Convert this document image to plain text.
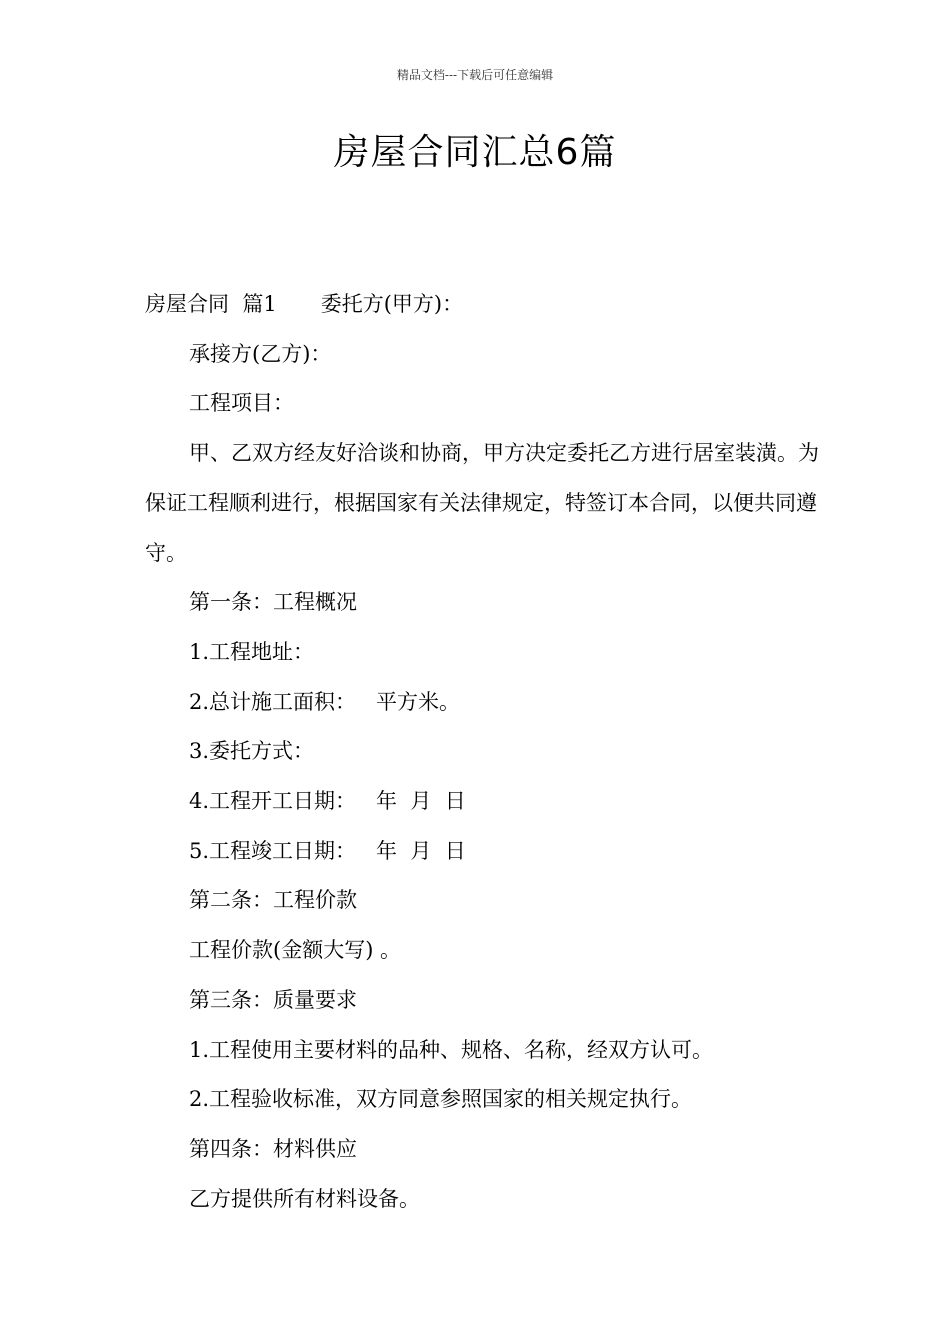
精品文档---下载后可任意编辑
房屋合同汇总6篇

房屋合同  篇1 委托方(甲方)：

承接方(乙方)：

工程项目：

甲、乙双方经友好洽谈和协商，甲方决定委托乙方进行居室装潢。为保证工程顺利进行，根据国家有关法律规定，特签订本合同，以便共同遵守。

第一条：工程概况

1.工程地址：

2.总计施工面积：   平方米。

3.委托方式：

4.工程开工日期：   年  月  日

5.工程竣工日期：   年  月  日

第二条：工程价款

工程价款(金额大写) 。

第三条：质量要求

1.工程使用主要材料的品种、规格、名称，经双方认可。

2.工程验收标准，双方同意参照国家的相关规定执行。

第四条：材料供应

乙方提供所有材料设备。
